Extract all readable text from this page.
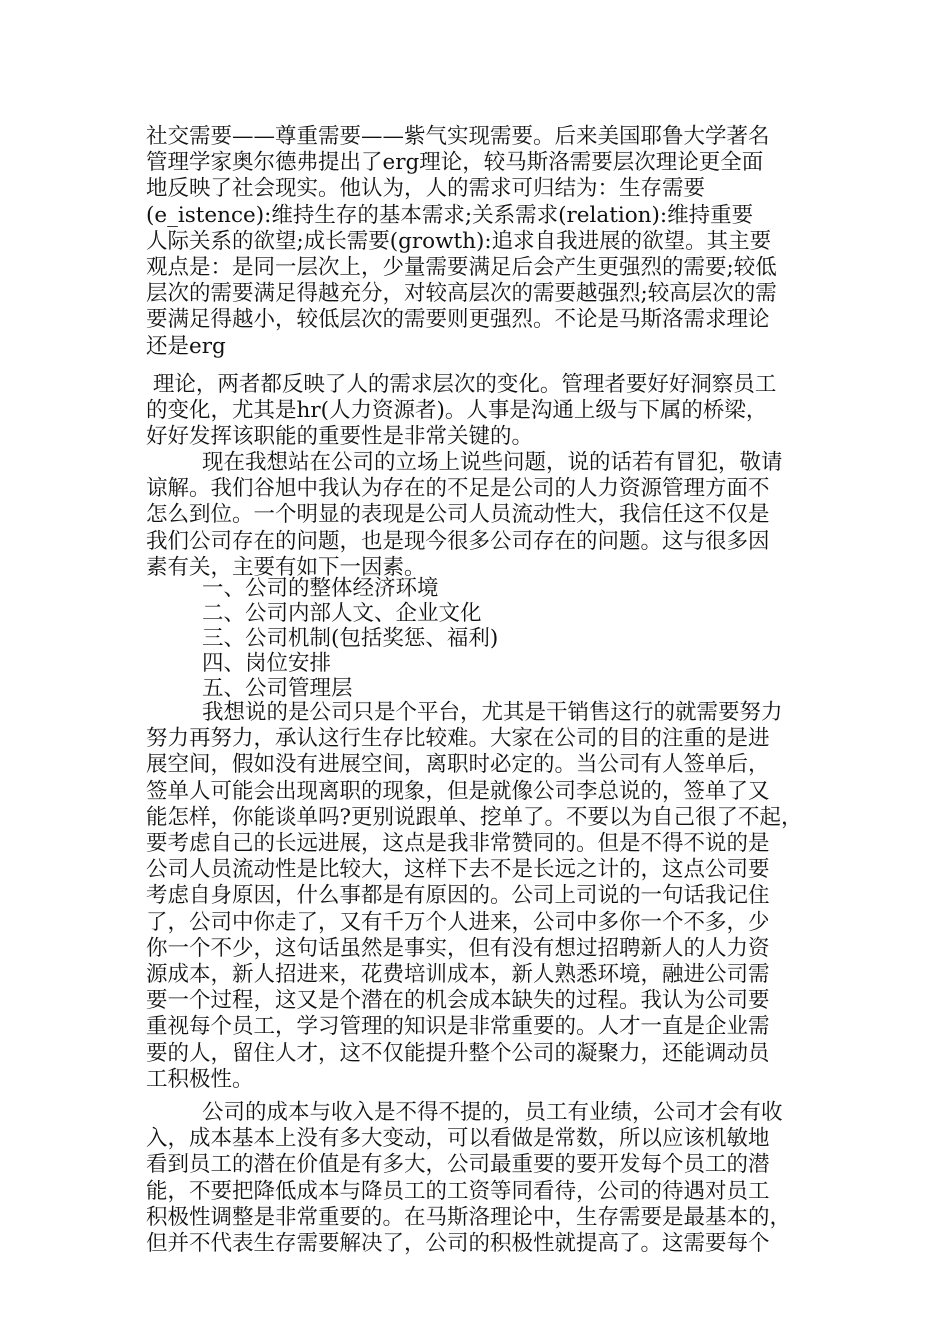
社交需要——尊重需要——紫气实现需要。后来美国耶鲁大学著名
管理学家奥尔德弗提出了erg理论，较马斯洛需要层次理论更全面
地反映了社会现实。他认为，人的需求可归结为：生存需要
(e_istence):维持生存的基本需求;关系需求(relation):维持重要
人际关系的欲望;成长需要(growth):追求自我进展的欲望。其主要
观点是：是同一层次上，少量需要满足后会产生更强烈的需要;较低
层次的需要满足得越充分，对较高层次的需要越强烈;较高层次的需
要满足得越小，较低层次的需要则更强烈。不论是马斯洛需求理论
还是erg
理论，两者都反映了人的需求层次的变化。管理者要好好洞察员工
的变化，尤其是hr(人力资源者)。人事是沟通上级与下属的桥梁，
好好发挥该职能的重要性是非常关键的。
现在我想站在公司的立场上说些问题，说的话若有冒犯，敬请
谅解。我们谷旭中我认为存在的不足是公司的人力资源管理方面不
怎么到位。一个明显的表现是公司人员流动性大，我信任这不仅是
我们公司存在的问题，也是现今很多公司存在的问题。这与很多因
素有关，主要有如下一因素。
一、公司的整体经济环境
二、公司内部人文、企业文化
三、公司机制(包括奖惩、福利)
四、岗位安排
五、公司管理层
我想说的是公司只是个平台，尤其是干销售这行的就需要努力
努力再努力，承认这行生存比较难。大家在公司的目的注重的是进
展空间，假如没有进展空间，离职时必定的。当公司有人签单后，
签单人可能会出现离职的现象，但是就像公司李总说的，签单了又
能怎样，你能谈单吗?更别说跟单、挖单了。不要以为自己很了不起，
要考虑自己的长远进展，这点是我非常赞同的。但是不得不说的是
公司人员流动性是比较大，这样下去不是长远之计的，这点公司要
考虑自身原因，什么事都是有原因的。公司上司说的一句话我记住
了，公司中你走了，又有千万个人进来，公司中多你一个不多，少
你一个不少，这句话虽然是事实，但有没有想过招聘新人的人力资
源成本，新人招进来，花费培训成本，新人熟悉环境，融进公司需
要一个过程，这又是个潜在的机会成本缺失的过程。我认为公司要
重视每个员工，学习管理的知识是非常重要的。人才一直是企业需
要的人，留住人才，这不仅能提升整个公司的凝聚力，还能调动员
工积极性。
公司的成本与收入是不得不提的，员工有业绩，公司才会有收
入，成本基本上没有多大变动，可以看做是常数，所以应该机敏地
看到员工的潜在价值是有多大，公司最重要的要开发每个员工的潜
能，不要把降低成本与降员工的工资等同看待，公司的待遇对员工
积极性调整是非常重要的。在马斯洛理论中，生存需要是最基本的，
但并不代表生存需要解决了，公司的积极性就提高了。这需要每个
